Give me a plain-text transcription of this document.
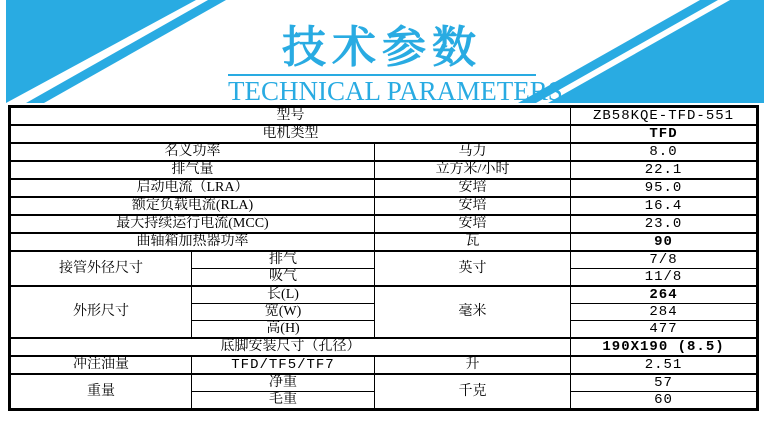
技术参数
TECHNICAL PARAMETERS
型号			ZB58KQE-TFD-551
电机类型			TFD
名义功率		马力	8.0
排气量		立方米/小时	22.1
启动电流（LRA）		安培	95.0
额定负载电流(RLA)		安培	16.4
最大持续运行电流(MCC)		安培	23.0
曲轴箱加热器功率		瓦	90
接管外径尺寸	排气	英寸	7/8
	吸气		11/8
外形尺寸	长(L)	毫米	264
	宽(W)		284
	高(H)		477
底脚安装尺寸（孔径）			190X190 (8.5)
冲注油量	TFD/TF5/TF7	升	2.51
重量	净重	千克	57
	毛重		60
